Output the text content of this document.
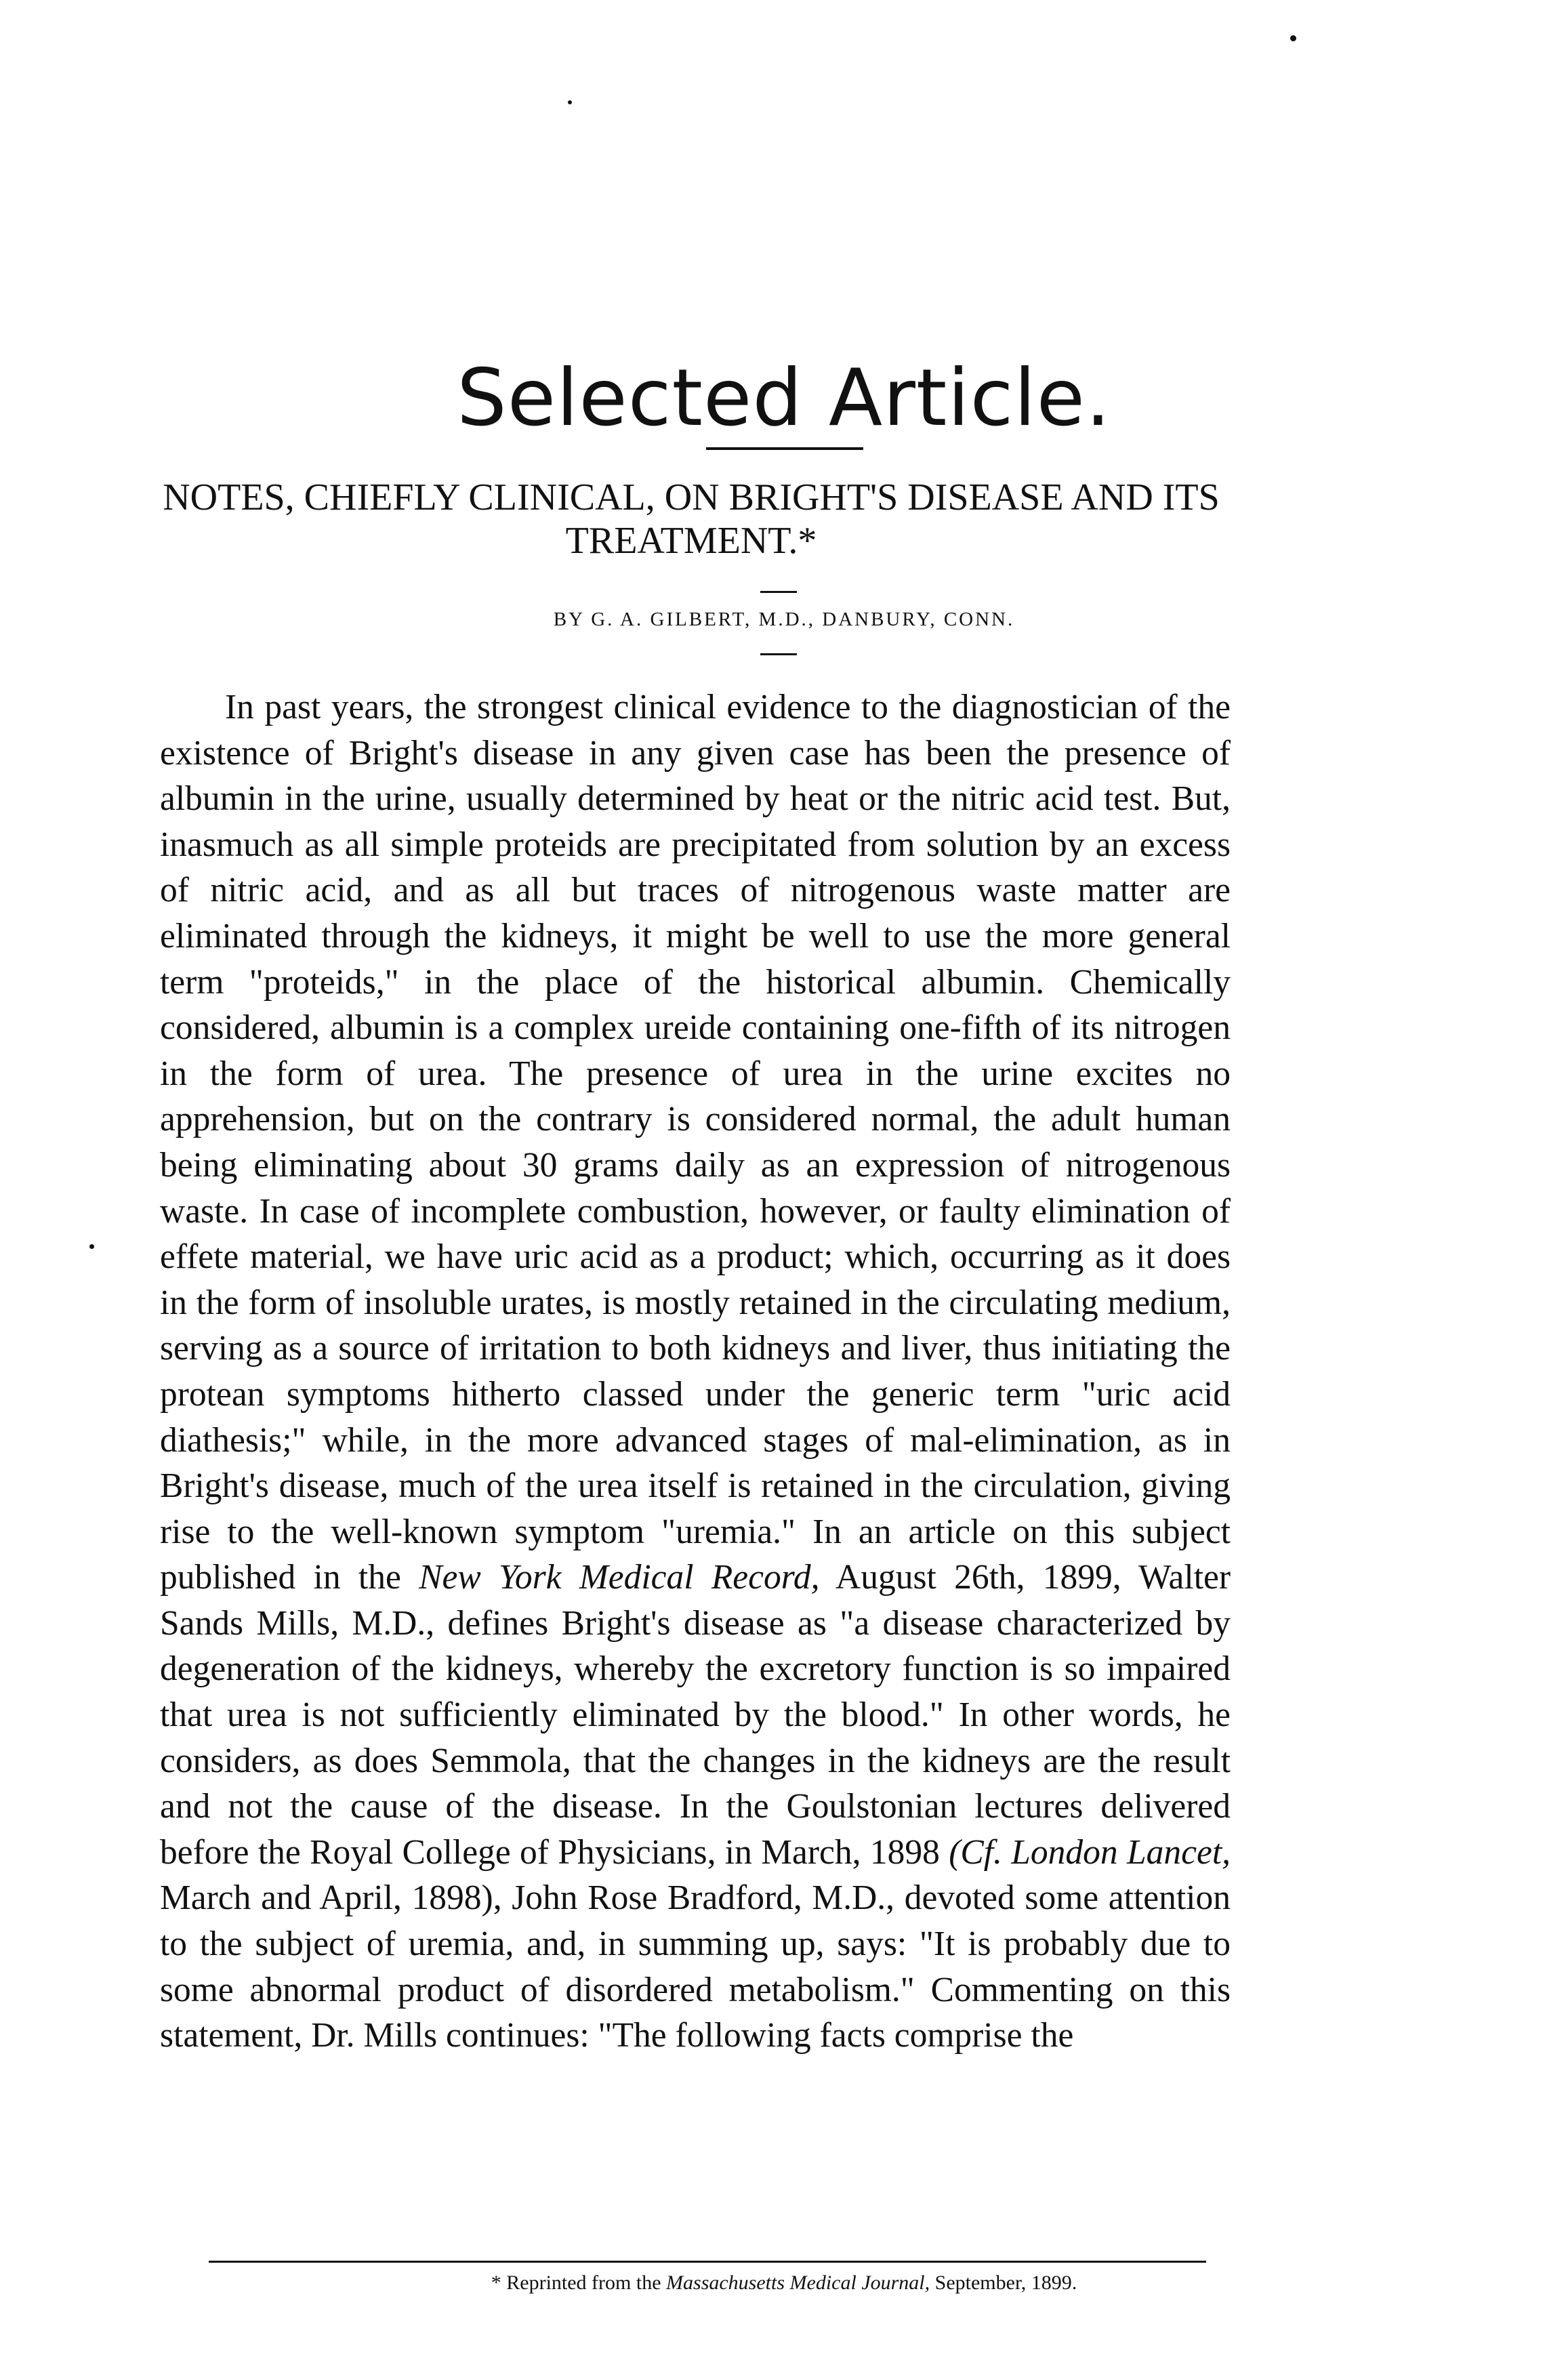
Selected Article.
NOTES, CHIEFLY CLINICAL, ON BRIGHT'S DISEASE AND ITS TREATMENT.*
BY G. A. GILBERT, M.D., DANBURY, CONN.
In past years, the strongest clinical evidence to the diagnostician of the existence of Bright's disease in any given case has been the presence of albumin in the urine, usually determined by heat or the nitric acid test. But, inasmuch as all simple proteids are precipitated from solution by an excess of nitric acid, and as all but traces of nitrogenous waste matter are eliminated through the kidneys, it might be well to use the more general term "proteids," in the place of the historical albumin. Chemically considered, albumin is a complex ureide containing one-fifth of its nitrogen in the form of urea. The presence of urea in the urine excites no apprehension, but on the contrary is considered normal, the adult human being eliminating about 30 grams daily as an expression of nitrogenous waste. In case of incomplete combustion, however, or faulty elimination of effete material, we have uric acid as a product; which, occurring as it does in the form of insoluble urates, is mostly retained in the circulating medium, serving as a source of irritation to both kidneys and liver, thus initiating the protean symptoms hitherto classed under the generic term "uric acid diathesis;" while, in the more advanced stages of mal-elimination, as in Bright's disease, much of the urea itself is retained in the circulation, giving rise to the well-known symptom "uremia." In an article on this subject published in the New York Medical Record, August 26th, 1899, Walter Sands Mills, M.D., defines Bright's disease as "a disease characterized by degeneration of the kidneys, whereby the excretory function is so impaired that urea is not sufficiently eliminated by the blood." In other words, he considers, as does Semmola, that the changes in the kidneys are the result and not the cause of the disease. In the Goulstonian lectures delivered before the Royal College of Physicians, in March, 1898 (Cf. London Lancet, March and April, 1898), John Rose Bradford, M.D., devoted some attention to the subject of uremia, and, in summing up, says: "It is probably due to some abnormal product of disordered metabolism." Commenting on this statement, Dr. Mills continues: "The following facts comprise the
* Reprinted from the Massachusetts Medical Journal, September, 1899.
